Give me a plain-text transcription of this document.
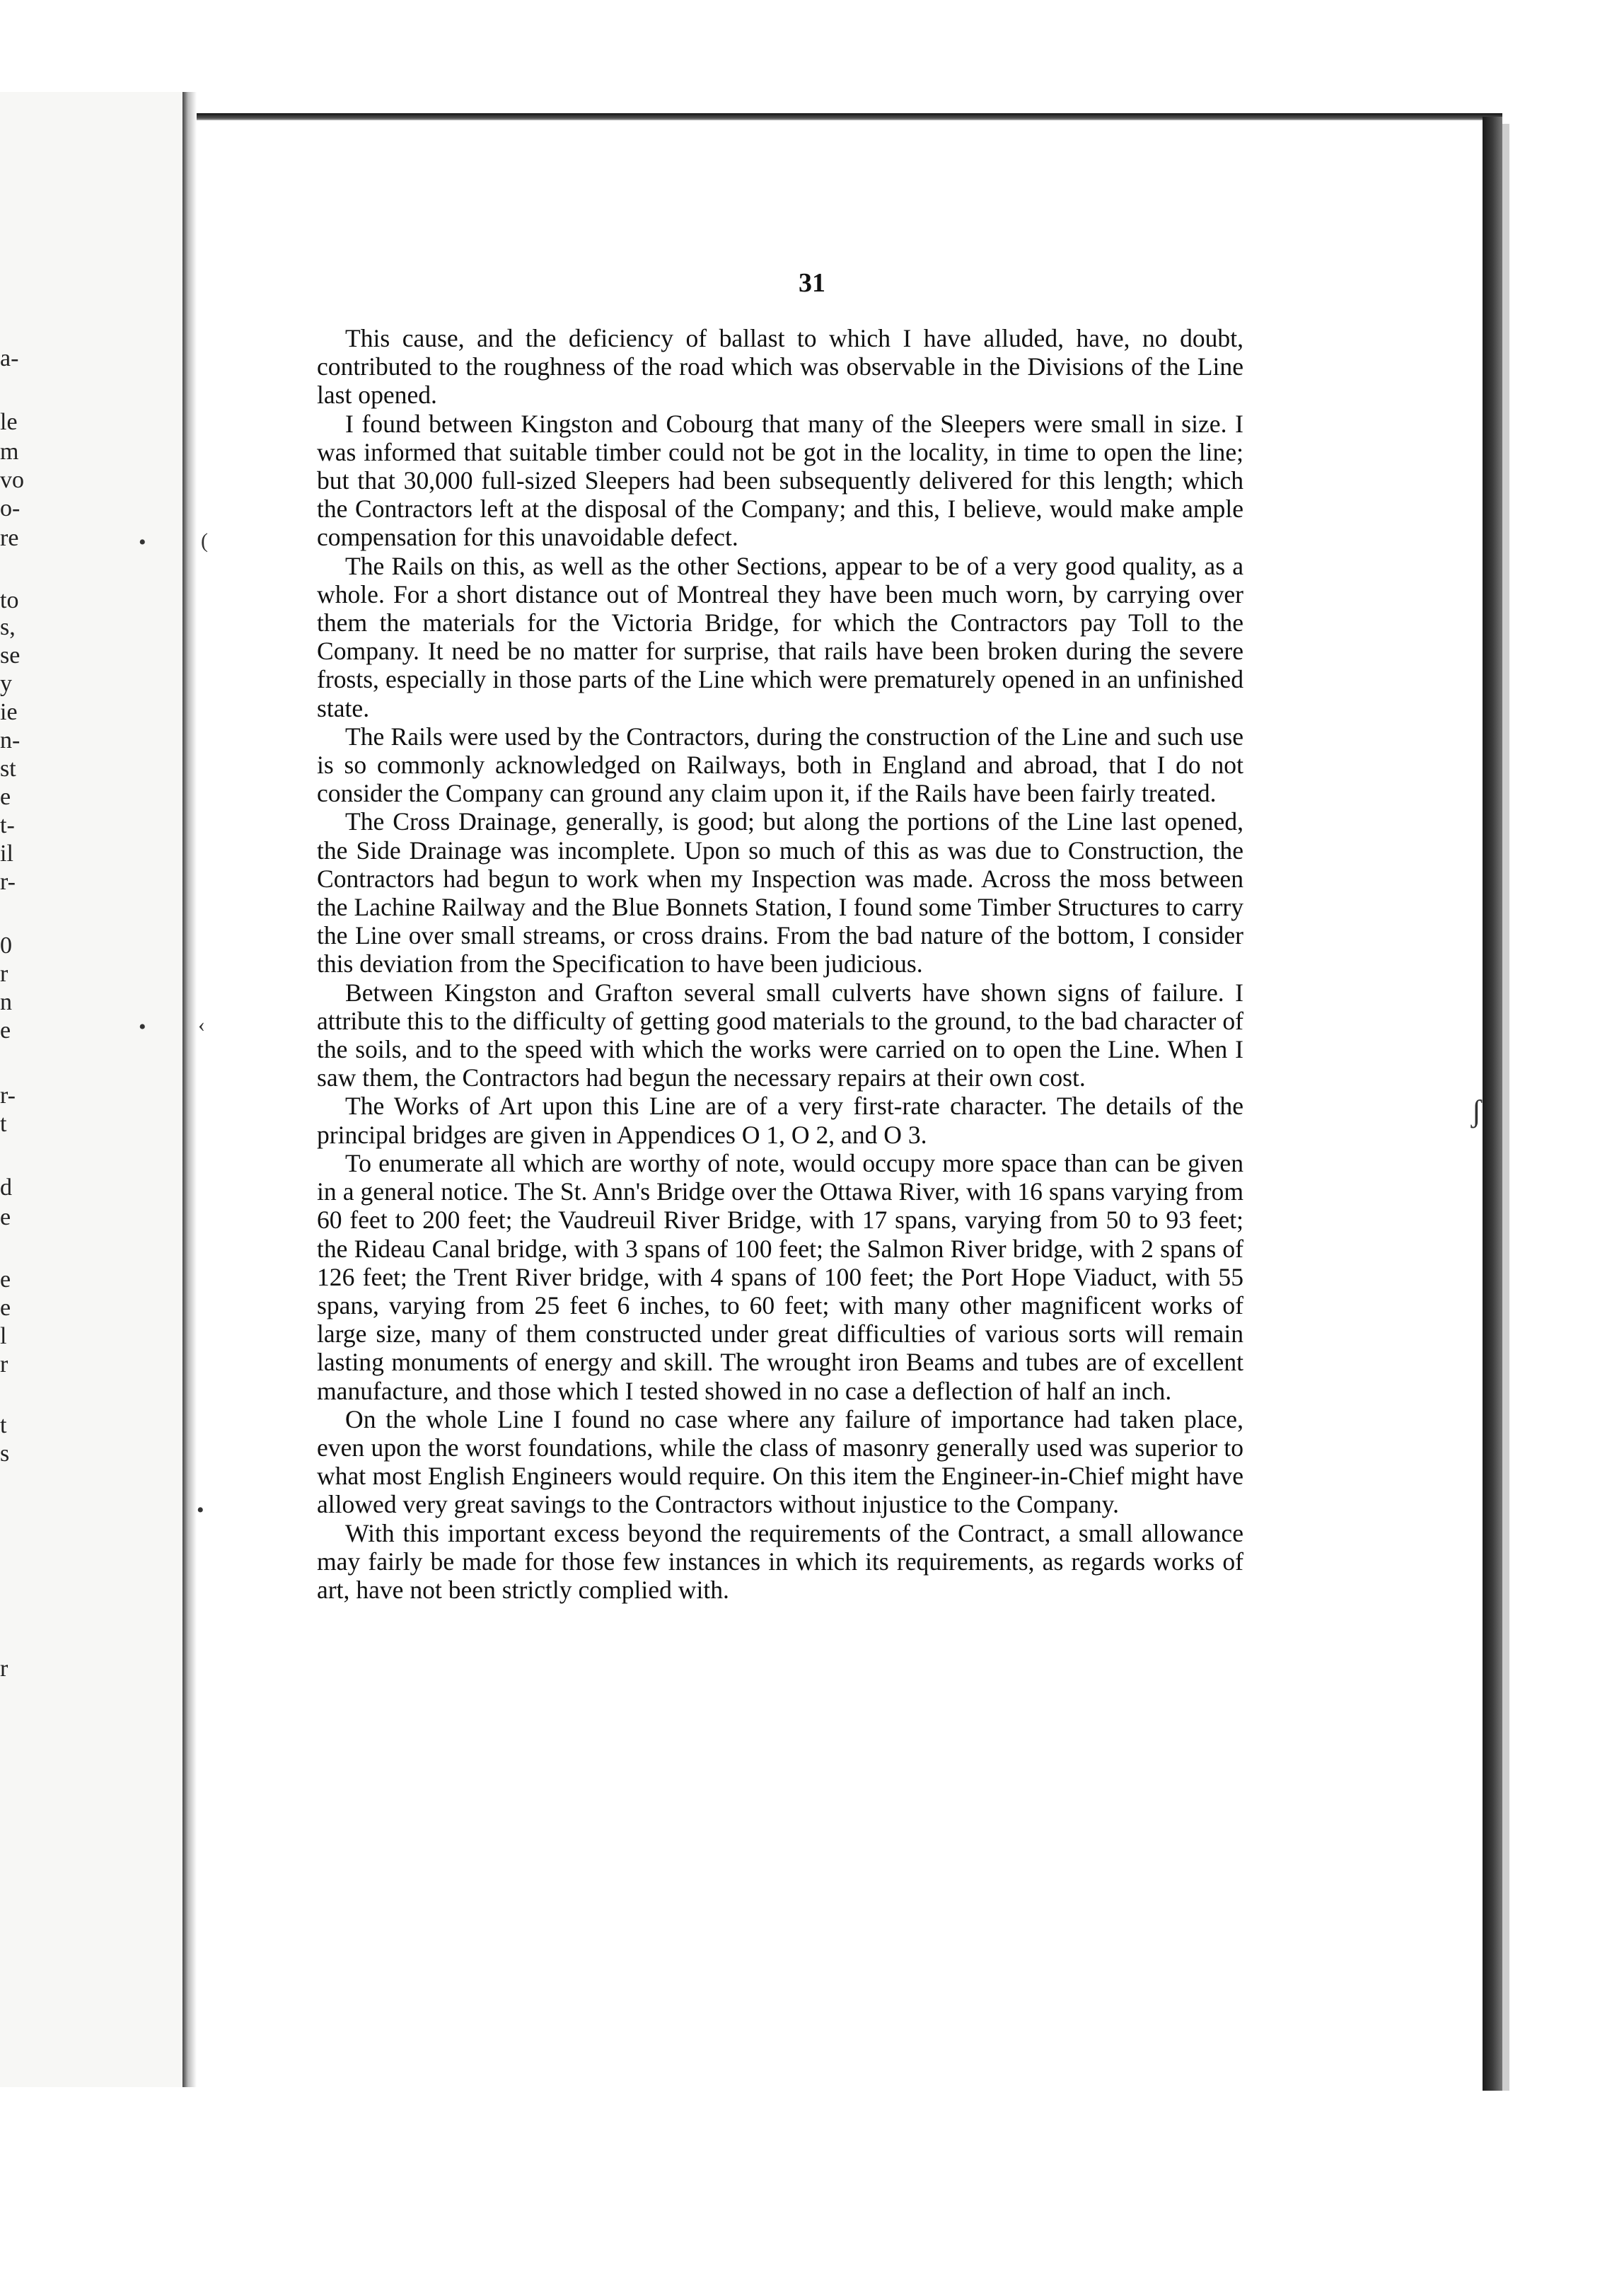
a-
le
m
vo
o-
re
to
s,
se
y
ie
n-
st
e
t-
il
r-
0
r
n
e
r-
t
d
e
e
e
l
r
t
s
r
•	(
• ‹
•
ʃ
31

This cause, and the deficiency of ballast to which I have alluded, have, no doubt, contributed to the roughness of the road which was observable in the Divisions of the Line last opened.

I found between Kingston and Cobourg that many of the Sleepers were small in size. I was informed that suitable timber could not be got in the locality, in time to open the line; but that 30,000 full-sized Sleepers had been subsequently delivered for this length; which the Contractors left at the disposal of the Company; and this, I believe, would make ample compensation for this unavoidable defect.

The Rails on this, as well as the other Sections, appear to be of a very good quality, as a whole. For a short distance out of Montreal they have been much worn, by carrying over them the materials for the Victoria Bridge, for which the Contractors pay Toll to the Company. It need be no matter for surprise, that rails have been broken during the severe frosts, especially in those parts of the Line which were prematurely opened in an unfinished state.

The Rails were used by the Contractors, during the construction of the Line and such use is so commonly acknowledged on Railways, both in England and abroad, that I do not consider the Company can ground any claim upon it, if the Rails have been fairly treated.

The Cross Drainage, generally, is good; but along the portions of the Line last opened, the Side Drainage was incomplete. Upon so much of this as was due to Construction, the Contractors had begun to work when my Inspection was made. Across the moss between the Lachine Railway and the Blue Bonnets Station, I found some Timber Structures to carry the Line over small streams, or cross drains. From the bad nature of the bottom, I consider this deviation from the Specification to have been judicious.

Between Kingston and Grafton several small culverts have shown signs of failure. I attribute this to the difficulty of getting good materials to the ground, to the bad character of the soils, and to the speed with which the works were carried on to open the Line. When I saw them, the Contractors had begun the necessary repairs at their own cost.

The Works of Art upon this Line are of a very first-rate character. The details of the principal bridges are given in Appendices O 1, O 2, and O 3.

To enumerate all which are worthy of note, would occupy more space than can be given in a general notice. The St. Ann's Bridge over the Ottawa River, with 16 spans varying from 60 feet to 200 feet; the Vaudreuil River Bridge, with 17 spans, varying from 50 to 93 feet; the Rideau Canal bridge, with 3 spans of 100 feet; the Salmon River bridge, with 2 spans of 126 feet; the Trent River bridge, with 4 spans of 100 feet; the Port Hope Viaduct, with 55 spans, varying from 25 feet 6 inches, to 60 feet; with many other magnificent works of large size, many of them constructed under great difficulties of various sorts will remain lasting monuments of energy and skill. The wrought iron Beams and tubes are of excellent manufacture, and those which I tested showed in no case a deflection of half an inch.

On the whole Line I found no case where any failure of importance had taken place, even upon the worst foundations, while the class of masonry generally used was superior to what most English Engineers would require. On this item the Engineer-in-Chief might have allowed very great savings to the Contractors without injustice to the Company.

With this important excess beyond the requirements of the Contract, a small allowance may fairly be made for those few instances in which its requirements, as regards works of art, have not been strictly complied with.
